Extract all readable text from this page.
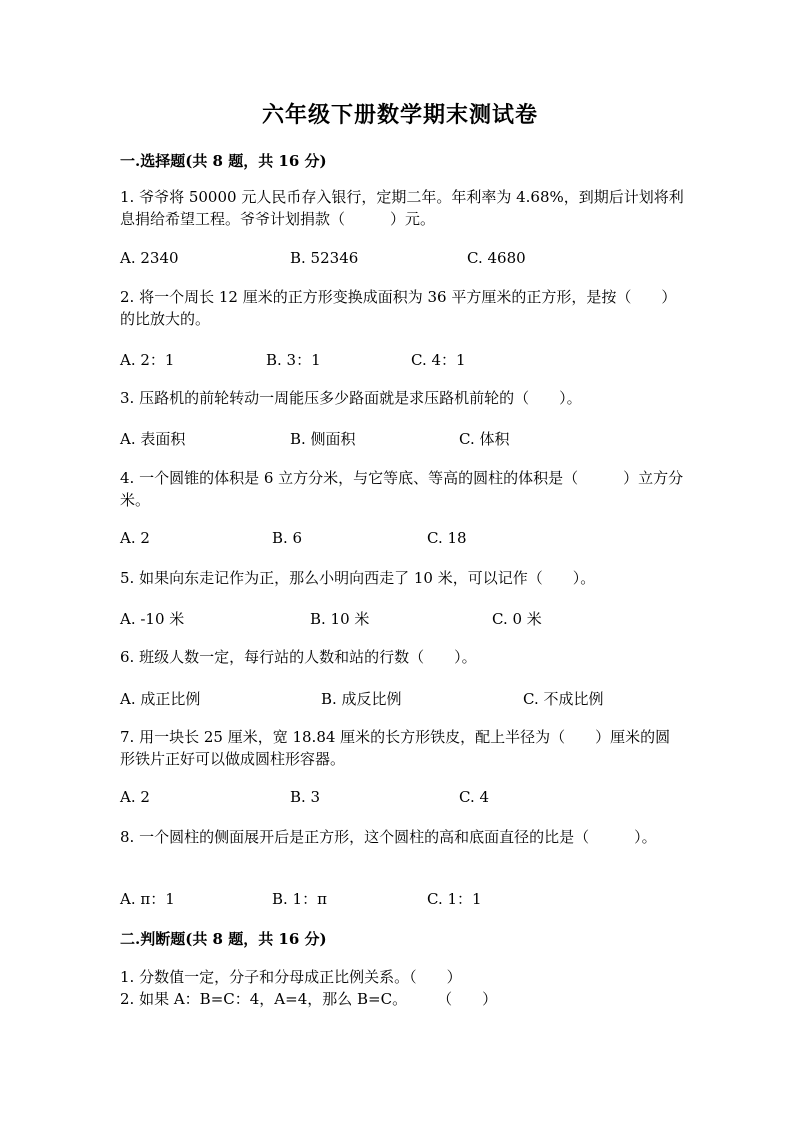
六年级下册数学期末测试卷
一.选择题(共 8 题，共 16 分)
1. 爷爷将 50000 元人民币存入银行，定期二年。年利率为 4.68%，到期后计划将利息捐给希望工程。爷爷计划捐款（　　　）元。
A. 2340	B. 52346	C. 4680
2. 将一个周长 12 厘米的正方形变换成面积为 36 平方厘米的正方形，是按（　　）的比放大的。
A. 2：1	B. 3：1	C. 4：1
3. 压路机的前轮转动一周能压多少路面就是求压路机前轮的（　　）。
A. 表面积	B. 侧面积	C. 体积
4. 一个圆锥的体积是 6 立方分米，与它等底、等高的圆柱的体积是（　　　）立方分米。
A. 2	B. 6	C. 18
5. 如果向东走记作为正，那么小明向西走了 10 米，可以记作（　　）。
A. -10 米	B. 10 米	C. 0 米
6. 班级人数一定，每行站的人数和站的行数（　　）。
A. 成正比例	B. 成反比例	C. 不成比例
7. 用一块长 25 厘米，宽 18.84 厘米的长方形铁皮，配上半径为（　　）厘米的圆形铁片正好可以做成圆柱形容器。
A. 2	B. 3	C. 4
8. 一个圆柱的侧面展开后是正方形，这个圆柱的高和底面直径的比是（　　　）。
A. π：1	B. 1：π	C. 1：1
二.判断题(共 8 题，共 16 分)
1. 分数值一定，分子和分母成正比例关系。（　　）
2. 如果 A：B=C：4，A=4，那么 B=C。　　　（　　）
